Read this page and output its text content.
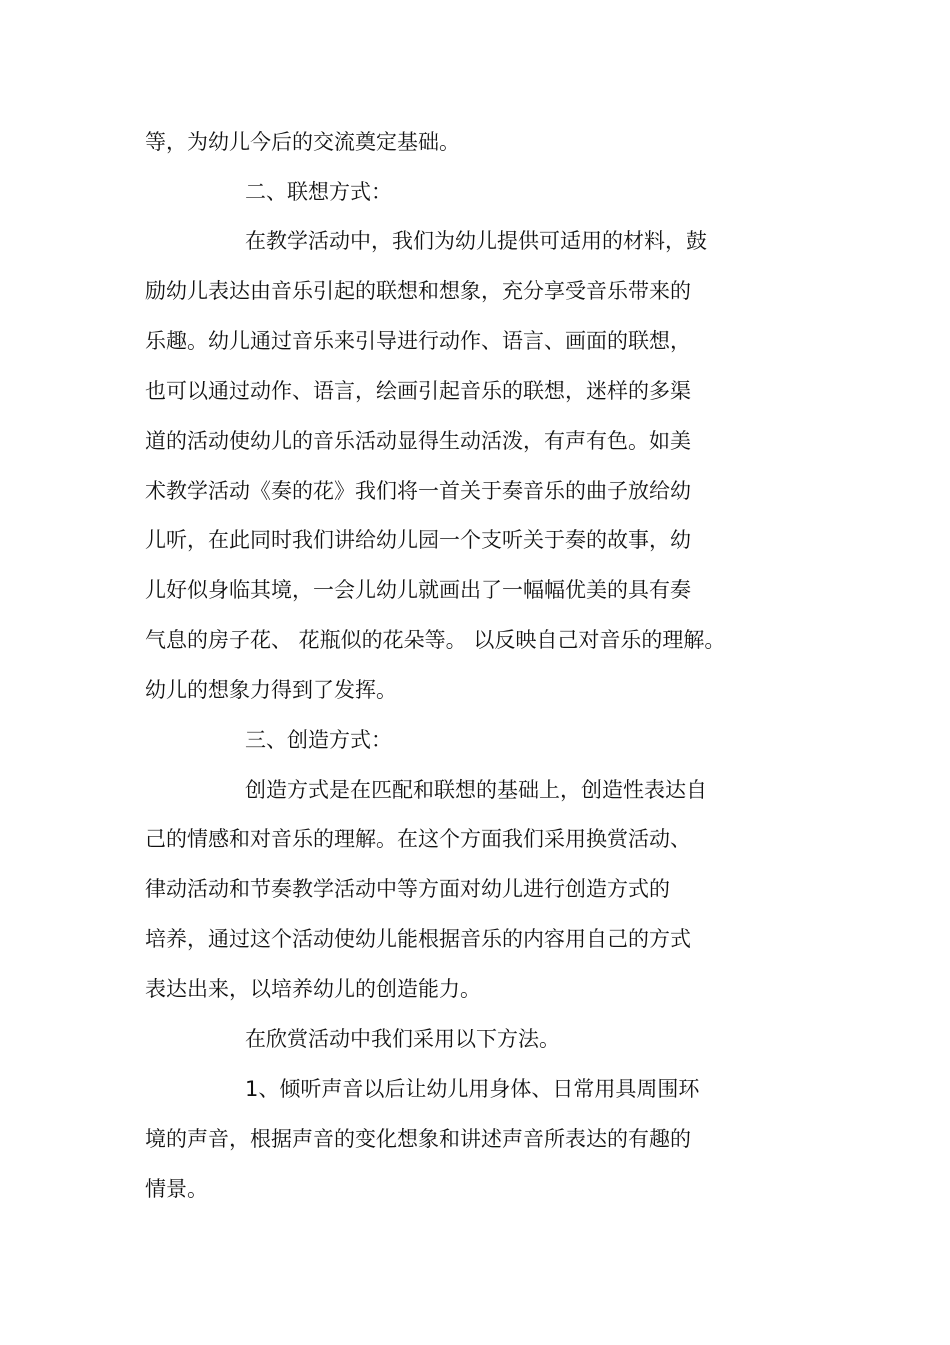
等，为幼儿今后的交流奠定基础。

二、联想方式：

在教学活动中，我们为幼儿提供可适用的材料，鼓

励幼儿表达由音乐引起的联想和想象，充分享受音乐带来的

乐趣。幼儿通过音乐来引导进行动作、语言、画面的联想，

也可以通过动作、语言，绘画引起音乐的联想，迷样的多渠

道的活动使幼儿的音乐活动显得生动活泼，有声有色。如美

术教学活动《奏的花》我们将一首关于奏音乐的曲子放给幼

儿听，在此同时我们讲给幼儿园一个支听关于奏的故事，幼

儿好似身临其境，一会儿幼儿就画出了一幅幅优美的具有奏

气息的房子花、 花瓶似的花朵等。 以反映自己对音乐的理解。

幼儿的想象力得到了发挥。

三、创造方式：

创造方式是在匹配和联想的基础上，创造性表达自

己的情感和对音乐的理解。在这个方面我们采用换赏活动、

律动活动和节奏教学活动中等方面对幼儿进行创造方式的

培养，通过这个活动使幼儿能根据音乐的内容用自己的方式

表达出来，以培养幼儿的创造能力。

在欣赏活动中我们采用以下方法。

1、倾听声音以后让幼儿用身体、日常用具周围环

境的声音，根据声音的变化想象和讲述声音所表达的有趣的

情景。
